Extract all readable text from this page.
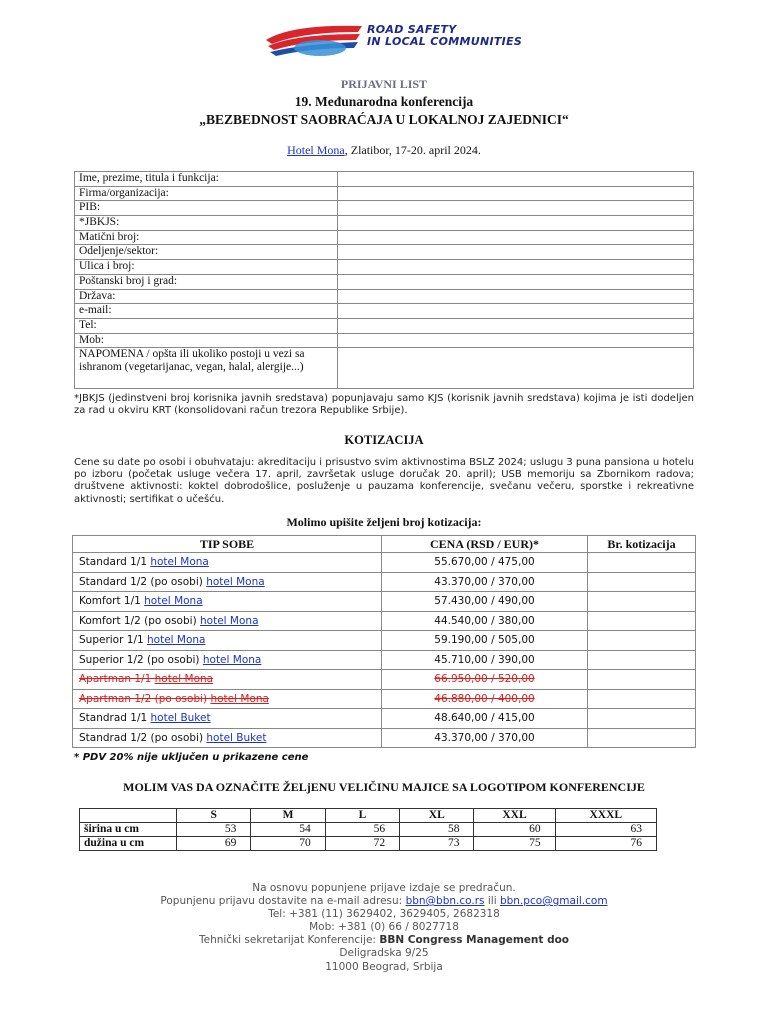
ROAD SAFETY
IN LOCAL COMMUNITIES
PRIJAVNI LIST
19. Međunarodna konferencija
„BEZBEDNOST SAOBRAĆAJA U LOKALNOJ ZAJEDNICI“
Hotel Mona, Zlatibor, 17-20. april 2024.
Ime, prezime, titula i funkcija:	
Firma/organizacija:	
PIB:	
*JBKJS:	
Matični broj:	
Odeljenje/sektor:	
Ulica i broj:	
Poštanski broj i grad:	
Država:	
e-mail:	
Tel:	
Mob:	
NAPOMENA / opšta ili ukoliko postoji u vezi sa ishranom (vegetarijanac, vegan, halal, alergije...)	
*JBKJS (jedinstveni broj korisnika javnih sredstava) popunjavaju samo KJS (korisnik javnih sredstava) kojima je isti dodeljen za rad u okviru KRT (konsolidovani račun trezora Republike Srbije).
KOTIZACIJA
Cene su date po osobi i obuhvataju: akreditaciju i prisustvo svim aktivnostima BSLZ 2024; uslugu 3 puna pansiona u hotelu po izboru (početak usluge večera 17. april, završetak usluge doručak 20. april); USB memoriju sa Zbornikom radova; društvene aktivnosti: koktel dobrodošlice, posluženje u pauzama konferencije, svečanu večeru, sporstke i rekreativne aktivnosti; sertifikat o učešću.
Molimo upišite željeni broj kotizacija:
TIP SOBE	CENA (RSD / EUR)*	Br. kotizacija
Standard 1/1 hotel Mona	55.670,00 / 475,00	
Standard 1/2 (po osobi) hotel Mona	43.370,00 / 370,00	
Komfort 1/1 hotel Mona	57.430,00 / 490,00	
Komfort 1/2 (po osobi) hotel Mona	44.540,00 / 380,00	
Superior 1/1 hotel Mona	59.190,00 / 505,00	
Superior 1/2 (po osobi) hotel Mona	45.710,00 / 390,00	
Apartman 1/1 hotel Mona	66.950,00 / 520,00	
Apartman 1/2 (po osobi) hotel Mona	46.880,00 / 400,00	
Standrad 1/1 hotel Buket	48.640,00 / 415,00	
Standrad 1/2 (po osobi) hotel Buket	43.370,00 / 370,00	
* PDV 20% nije uključen u prikazene cene
MOLIM VAS DA OZNAČITE ŽELjENU VELIČINU MAJICE SA LOGOTIPOM KONFERENCIJE
	S	M	L	XL	XXL	XXXL
širina u cm	53	54	56	58	60	63
dužina u cm	69	70	72	73	75	76
Na osnovu popunjene prijave izdaje se predračun.
Popunjenu prijavu dostavite na e-mail adresu: bbn@bbn.co.rs ili bbn.pco@gmail.com
Tel: +381 (11) 3629402, 3629405, 2682318
Mob: +381 (0) 66 / 8027718
Tehnički sekretarijat Konferencije: BBN Congress Management doo
Deligradska 9/25
11000 Beograd, Srbija
